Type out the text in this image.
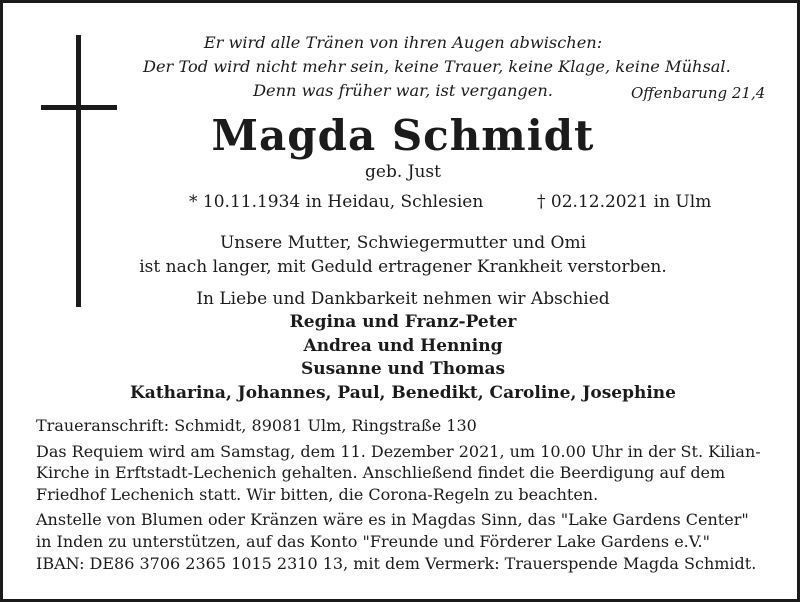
Er wird alle Tränen von ihren Augen abwischen:
Der Tod wird nicht mehr sein, keine Trauer, keine Klage, keine Mühsal.
Denn was früher war, ist vergangen.	Offenbarung 21,4
Magda Schmidt
geb. Just
* 10.11.1934 in Heidau, Schlesien	† 02.12.2021 in Ulm
Unsere Mutter, Schwiegermutter und Omi
ist nach langer, mit Geduld ertragener Krankheit verstorben.
In Liebe und Dankbarkeit nehmen wir Abschied
Regina und Franz-Peter
Andrea und Henning
Susanne und Thomas
Katharina, Johannes, Paul, Benedikt, Caroline, Josephine
Traueranschrift: Schmidt, 89081 Ulm, Ringstraße 130
Das Requiem wird am Samstag, dem 11. Dezember 2021, um 10.00 Uhr in der St. Kilian-
Kirche in Erftstadt-Lechenich gehalten. Anschließend findet die Beerdigung auf dem
Friedhof Lechenich statt. Wir bitten, die Corona-Regeln zu beachten.
Anstelle von Blumen oder Kränzen wäre es in Magdas Sinn, das "Lake Gardens Center"
in Inden zu unterstützen, auf das Konto "Freunde und Förderer Lake Gardens e.V."
IBAN: DE86 3706 2365 1015 2310 13, mit dem Vermerk: Trauerspende Magda Schmidt.
